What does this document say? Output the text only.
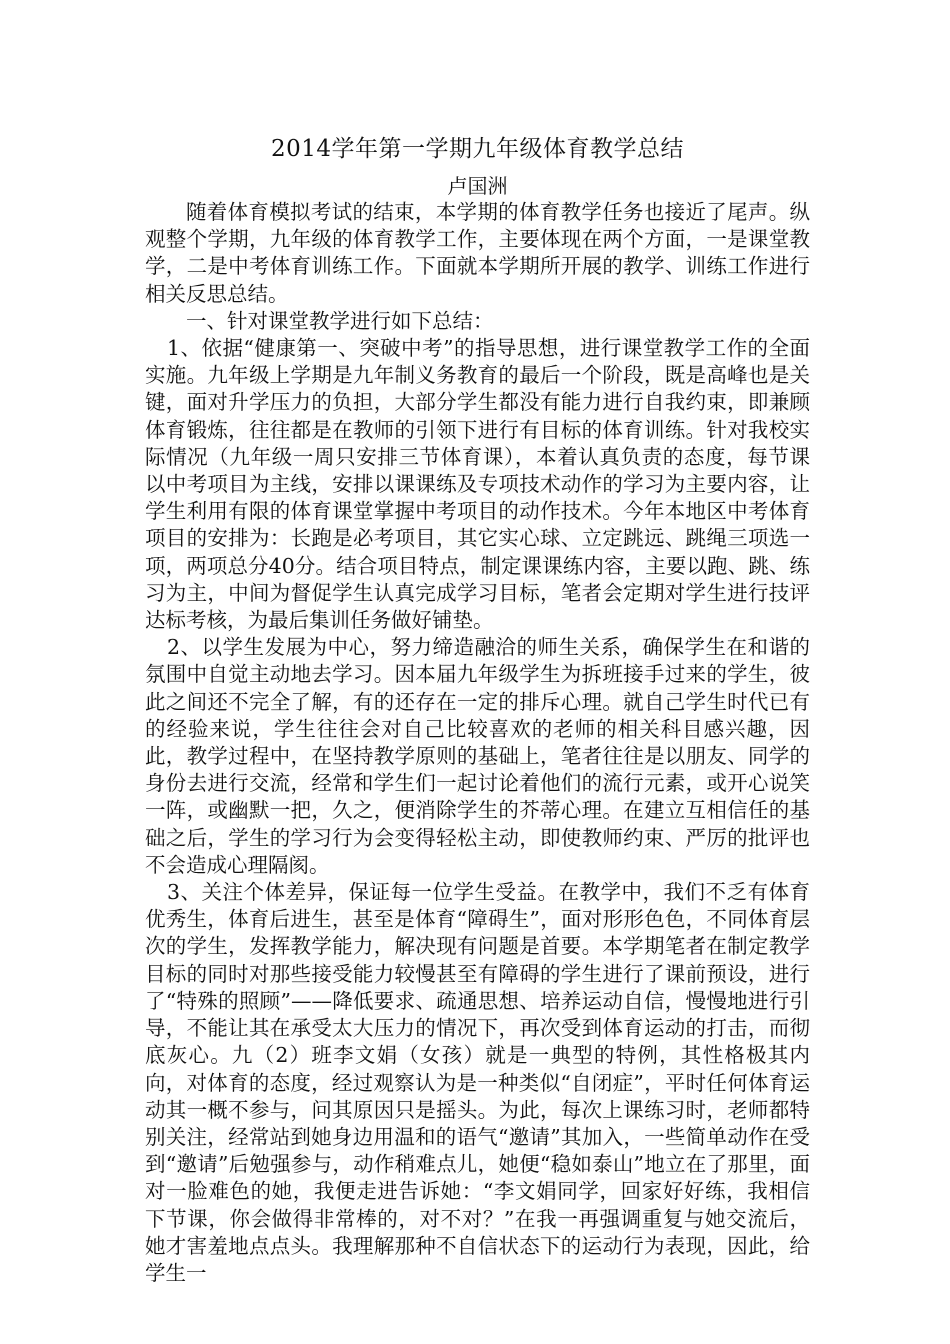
2014学年第一学期九年级体育教学总结

卢国洲

随着体育模拟考试的结束，本学期的体育教学任务也接近了尾声。纵观整个学期，九年级的体育教学工作，主要体现在两个方面，一是课堂教学，二是中考体育训练工作。下面就本学期所开展的教学、训练工作进行相关反思总结。

一、针对课堂教学进行如下总结：

1、依据“健康第一、突破中考”的指导思想，进行课堂教学工作的全面实施。九年级上学期是九年制义务教育的最后一个阶段，既是高峰也是关键，面对升学压力的负担，大部分学生都没有能力进行自我约束，即兼顾体育锻炼，往往都是在教师的引领下进行有目标的体育训练。针对我校实际情况（九年级一周只安排三节体育课），本着认真负责的态度，每节课以中考项目为主线，安排以课课练及专项技术动作的学习为主要内容，让学生利用有限的体育课堂掌握中考项目的动作技术。今年本地区中考体育项目的安排为：长跑是必考项目，其它实心球、立定跳远、跳绳三项选一项，两项总分40分。结合项目特点，制定课课练内容，主要以跑、跳、练习为主，中间为督促学生认真完成学习目标，笔者会定期对学生进行技评达标考核，为最后集训任务做好铺垫。

2、以学生发展为中心，努力缔造融洽的师生关系，确保学生在和谐的氛围中自觉主动地去学习。因本届九年级学生为拆班接手过来的学生，彼此之间还不完全了解，有的还存在一定的排斥心理。就自己学生时代已有的经验来说，学生往往会对自己比较喜欢的老师的相关科目感兴趣，因此，教学过程中，在坚持教学原则的基础上，笔者往往是以朋友、同学的身份去进行交流，经常和学生们一起讨论着他们的流行元素，或开心说笑一阵，或幽默一把，久之，便消除学生的芥蒂心理。在建立互相信任的基础之后，学生的学习行为会变得轻松主动，即使教师约束、严厉的批评也不会造成心理隔阂。

3、关注个体差异，保证每一位学生受益。在教学中，我们不乏有体育优秀生，体育后进生，甚至是体育“障碍生”，面对形形色色，不同体育层次的学生，发挥教学能力，解决现有问题是首要。本学期笔者在制定教学目标的同时对那些接受能力较慢甚至有障碍的学生进行了课前预设，进行了“特殊的照顾”——降低要求、疏通思想、培养运动自信，慢慢地进行引导，不能让其在承受太大压力的情况下，再次受到体育运动的打击，而彻底灰心。九（2）班李文娟（女孩）就是一典型的特例，其性格极其内向，对体育的态度，经过观察认为是一种类似“自闭症”，平时任何体育运动其一概不参与，问其原因只是摇头。为此，每次上课练习时，老师都特别关注，经常站到她身边用温和的语气“邀请”其加入，一些简单动作在受到“邀请”后勉强参与，动作稍难点儿，她便“稳如泰山”地立在了那里，面对一脸难色的她，我便走进告诉她：“李文娟同学，回家好好练，我相信下节课，你会做得非常棒的，对不对？”在我一再强调重复与她交流后，她才害羞地点点头。我理解那种不自信状态下的运动行为表现，因此，给学生一
